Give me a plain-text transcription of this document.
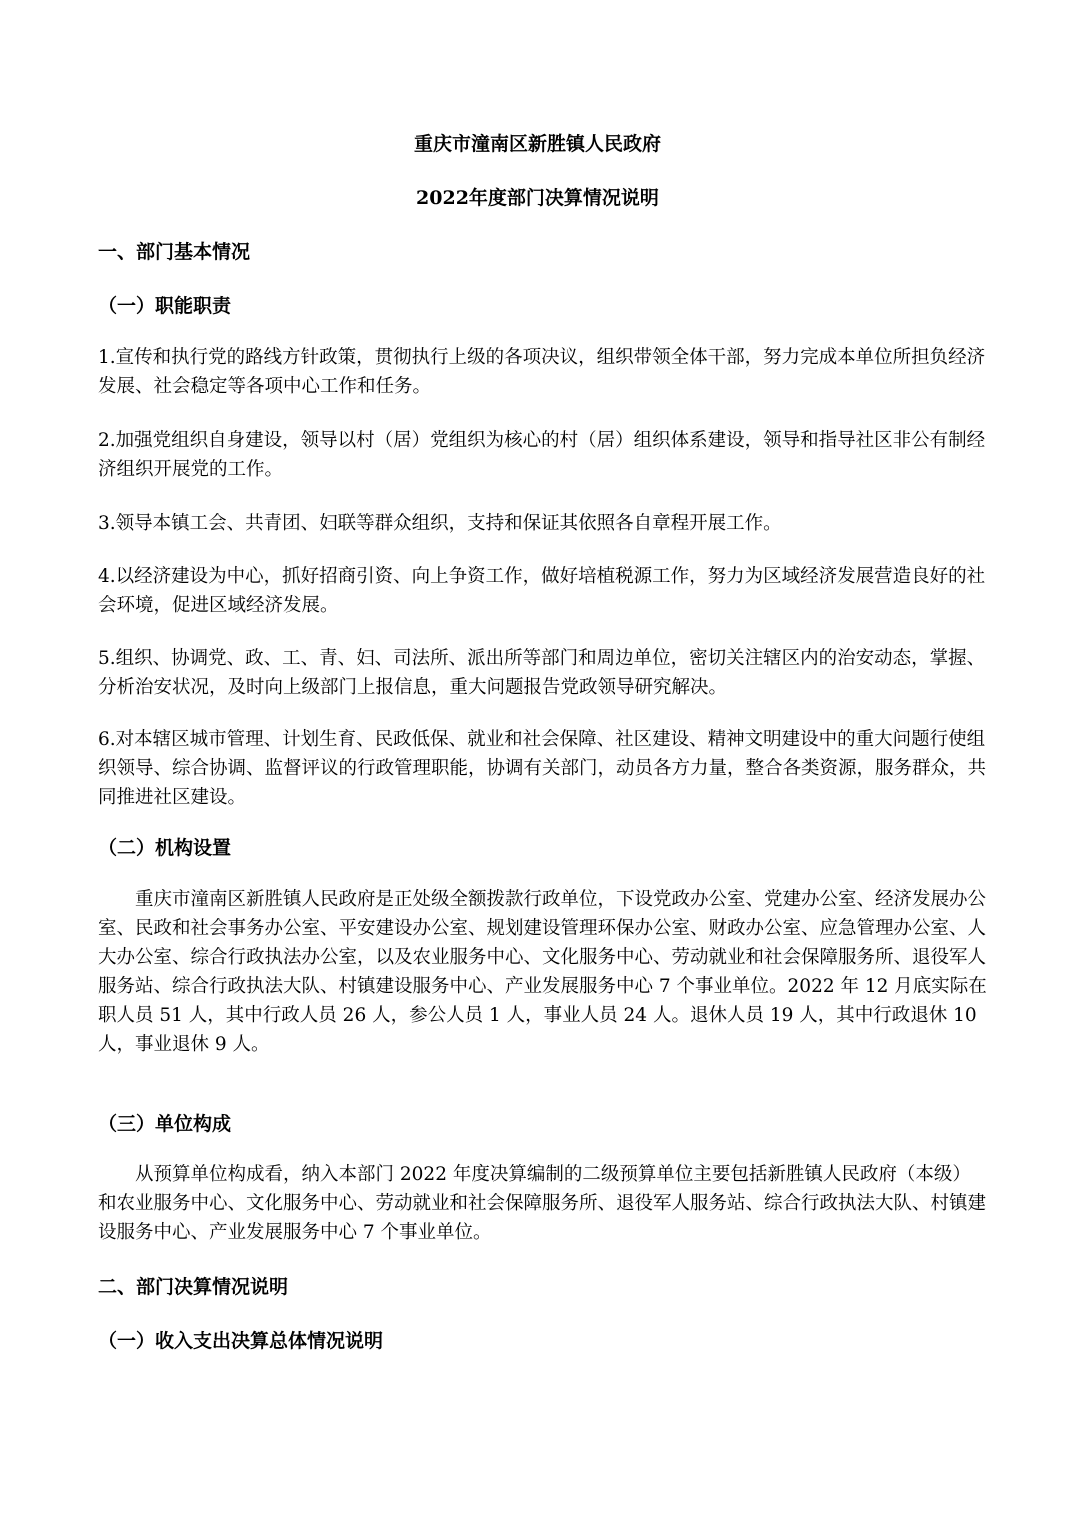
重庆市潼南区新胜镇人民政府

2022年度部门决算情况说明

一、部门基本情况

（一）职能职责

1.宣传和执行党的路线方针政策，贯彻执行上级的各项决议，组织带领全体干部，努力完成本单位所担负经济发展、社会稳定等各项中心工作和任务。

2.加强党组织自身建设，领导以村（居）党组织为核心的村（居）组织体系建设，领导和指导社区非公有制经济组织开展党的工作。

3.领导本镇工会、共青团、妇联等群众组织，支持和保证其依照各自章程开展工作。

4.以经济建设为中心，抓好招商引资、向上争资工作，做好培植税源工作，努力为区域经济发展营造良好的社会环境，促进区域经济发展。

5.组织、协调党、政、工、青、妇、司法所、派出所等部门和周边单位，密切关注辖区内的治安动态，掌握、分析治安状况，及时向上级部门上报信息，重大问题报告党政领导研究解决。

6.对本辖区城市管理、计划生育、民政低保、就业和社会保障、社区建设、精神文明建设中的重大问题行使组织领导、综合协调、监督评议的行政管理职能，协调有关部门，动员各方力量，整合各类资源，服务群众，共同推进社区建设。

（二）机构设置

重庆市潼南区新胜镇人民政府是正处级全额拨款行政单位，下设党政办公室、党建办公室、经济发展办公室、民政和社会事务办公室、平安建设办公室、规划建设管理环保办公室、财政办公室、应急管理办公室、人大办公室、综合行政执法办公室，以及农业服务中心、文化服务中心、劳动就业和社会保障服务所、退役军人服务站、综合行政执法大队、村镇建设服务中心、产业发展服务中心 7 个事业单位。2022 年 12 月底实际在职人员 51 人，其中行政人员 26 人，参公人员 1 人，事业人员 24 人。退休人员 19 人，其中行政退休 10 人，事业退休 9 人。

（三）单位构成

从预算单位构成看，纳入本部门 2022 年度决算编制的二级预算单位主要包括新胜镇人民政府（本级）和农业服务中心、文化服务中心、劳动就业和社会保障服务所、退役军人服务站、综合行政执法大队、村镇建设服务中心、产业发展服务中心 7 个事业单位。

二、部门决算情况说明

（一）收入支出决算总体情况说明
